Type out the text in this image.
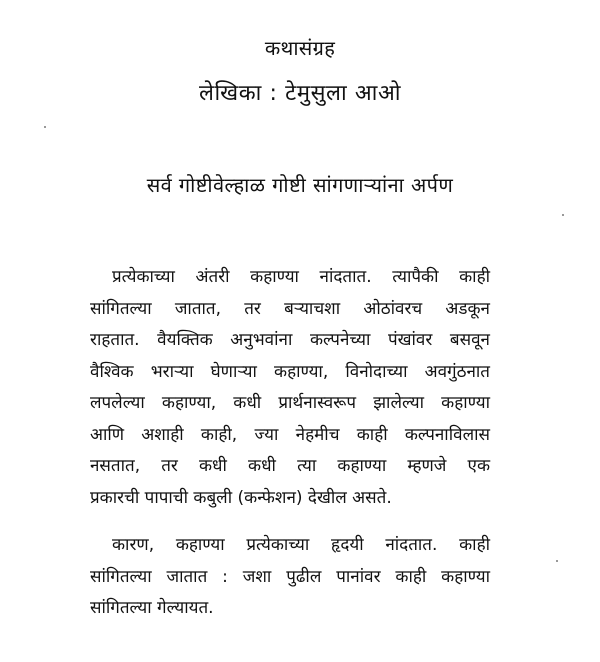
कथासंग्रह
लेखिका : टेमुसुला आओ
सर्व गोष्टीवेल्हाळ गोष्टी सांगणाऱ्यांना अर्पण

प्रत्येकाच्या अंतरी कहाण्या नांदतात. त्यापैकी काही
सांगितल्या जातात, तर बऱ्याचशा ओठांवरच अडकून
राहतात. वैयक्तिक अनुभवांना कल्पनेच्या पंखांवर बसवून
वैश्विक भराऱ्या घेणाऱ्या कहाण्या, विनोदाच्या अवगुंठनात
लपलेल्या कहाण्या, कधी प्रार्थनास्वरूप झालेल्या कहाण्या
आणि अशाही काही, ज्या नेहमीच काही कल्पनाविलास
नसतात, तर कधी कधी त्या कहाण्या म्हणजे एक
प्रकारची पापाची कबुली (कन्फेशन) देखील असते.

कारण, कहाण्या प्रत्येकाच्या हृदयी नांदतात. काही
सांगितल्या जातात : जशा पुढील पानांवर काही कहाण्या
सांगितल्या गेल्यायत.
